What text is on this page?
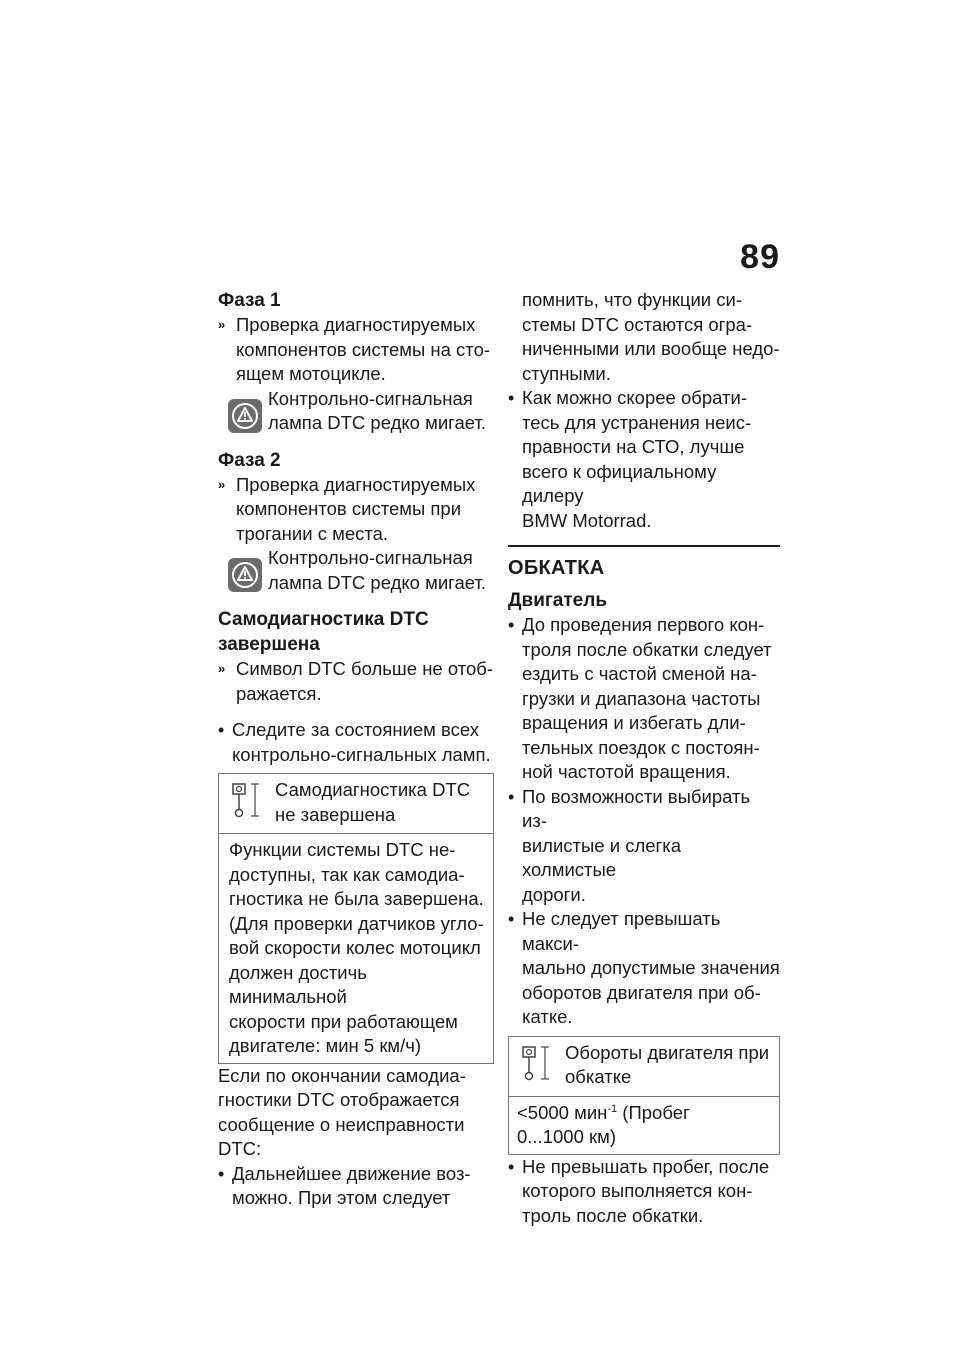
89
Фаза 1
» Проверка диагностируемых
компонентов системы на сто-
ящем мотоцикле.
Контрольно-сигнальная
лампа DTC редко мигает.
Фаза 2
» Проверка диагностируемых
компонентов системы при
трогании с места.
Контрольно-сигнальная
лампа DTC редко мигает.
Самодиагностика DTC
завершена
» Символ DTC больше не отоб-
ражается.
• Следите за состоянием всех
контрольно-сигнальных ламп.
Самодиагностика DTC
не завершена
Функции системы DTC не-
доступны, так как самодиа-
гностика не была завершена.
(Для проверки датчиков угло-
вой скорости колес мотоцикл
должен достичь минимальной
скорости при работающем
двигателе: мин 5 км/ч)
Если по окончании самодиа-
гностики DTC отображается
сообщение о неисправности
DTC:
• Дальнейшее движение воз-
можно. При этом следует
помнить, что функции си-
стемы DTC остаются огра-
ниченными или вообще недо-
ступными.
• Как можно скорее обрати-
тесь для устранения неис-
правности на СТО, лучше
всего к официальному дилеру
BMW Motorrad.
ОБКАТКА
Двигатель
• До проведения первого кон-
троля после обкатки следует
ездить с частой сменой на-
грузки и диапазона частоты
вращения и избегать дли-
тельных поездок с постоян-
ной частотой вращения.
• По возможности выбирать из-
вилистые и слегка холмистые
дороги.
• Не следует превышать макси-
мально допустимые значения
оборотов двигателя при об-
катке.
Обороты двигателя при
обкатке
<5000 мин$^{-1}$ (Пробег
0...1000 км)
• Не превышать пробег, после
которого выполняется кон-
троль после обкатки.
